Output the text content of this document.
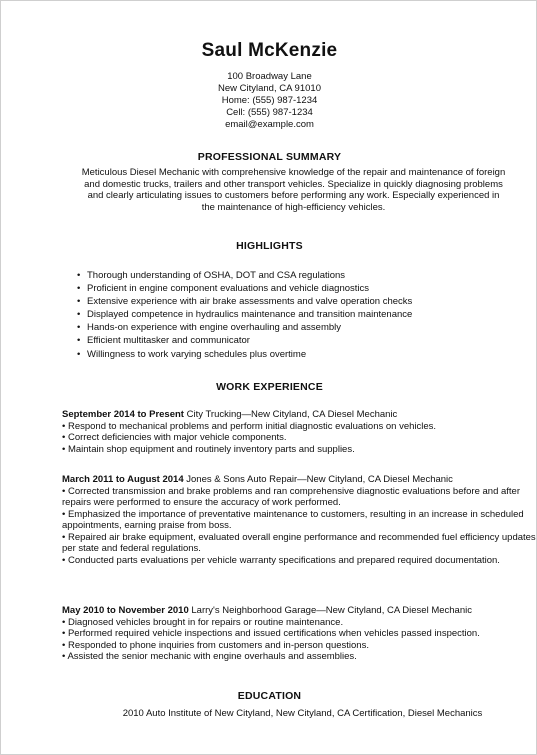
Saul McKenzie
100 Broadway Lane
New Cityland, CA 91010
Home: (555) 987-1234
Cell: (555) 987-1234
email@example.com
PROFESSIONAL SUMMARY
Meticulous Diesel Mechanic with comprehensive knowledge of the repair and maintenance of foreign
and domestic trucks, trailers and other transport vehicles. Specialize in quickly diagnosing problems
and clearly articulating issues to customers before performing any work. Especially experienced in
the maintenance of high-efficiency vehicles.
HIGHLIGHTS
• Thorough understanding of OSHA, DOT and CSA regulations
• Proficient in engine component evaluations and vehicle diagnostics
• Extensive experience with air brake assessments and valve operation checks
• Displayed competence in hydraulics maintenance and transition maintenance
• Hands-on experience with engine overhauling and assembly
• Efficient multitasker and communicator
• Willingness to work varying schedules plus overtime
WORK EXPERIENCE
September 2014 to Present City Trucking—New Cityland, CA Diesel Mechanic
• Respond to mechanical problems and perform initial diagnostic evaluations on vehicles.
• Correct deficiencies with major vehicle components.
• Maintain shop equipment and routinely inventory parts and supplies.
March 2011 to August 2014 Jones & Sons Auto Repair—New Cityland, CA Diesel Mechanic
• Corrected transmission and brake problems and ran comprehensive diagnostic evaluations before and after repairs were performed to ensure the accuracy of work performed.
• Emphasized the importance of preventative maintenance to customers, resulting in an increase in scheduled appointments, earning praise from boss.
• Repaired air brake equipment, evaluated overall engine performance and recommended fuel efficiency updates per state and federal regulations.
• Conducted parts evaluations per vehicle warranty specifications and prepared required documentation.
May 2010 to November 2010 Larry's Neighborhood Garage—New Cityland, CA Diesel Mechanic
• Diagnosed vehicles brought in for repairs or routine maintenance.
• Performed required vehicle inspections and issued certifications when vehicles passed inspection.
• Responded to phone inquiries from customers and in-person questions.
• Assisted the senior mechanic with engine overhauls and assemblies.
EDUCATION
2010 Auto Institute of New Cityland, New Cityland, CA Certification, Diesel Mechanics
